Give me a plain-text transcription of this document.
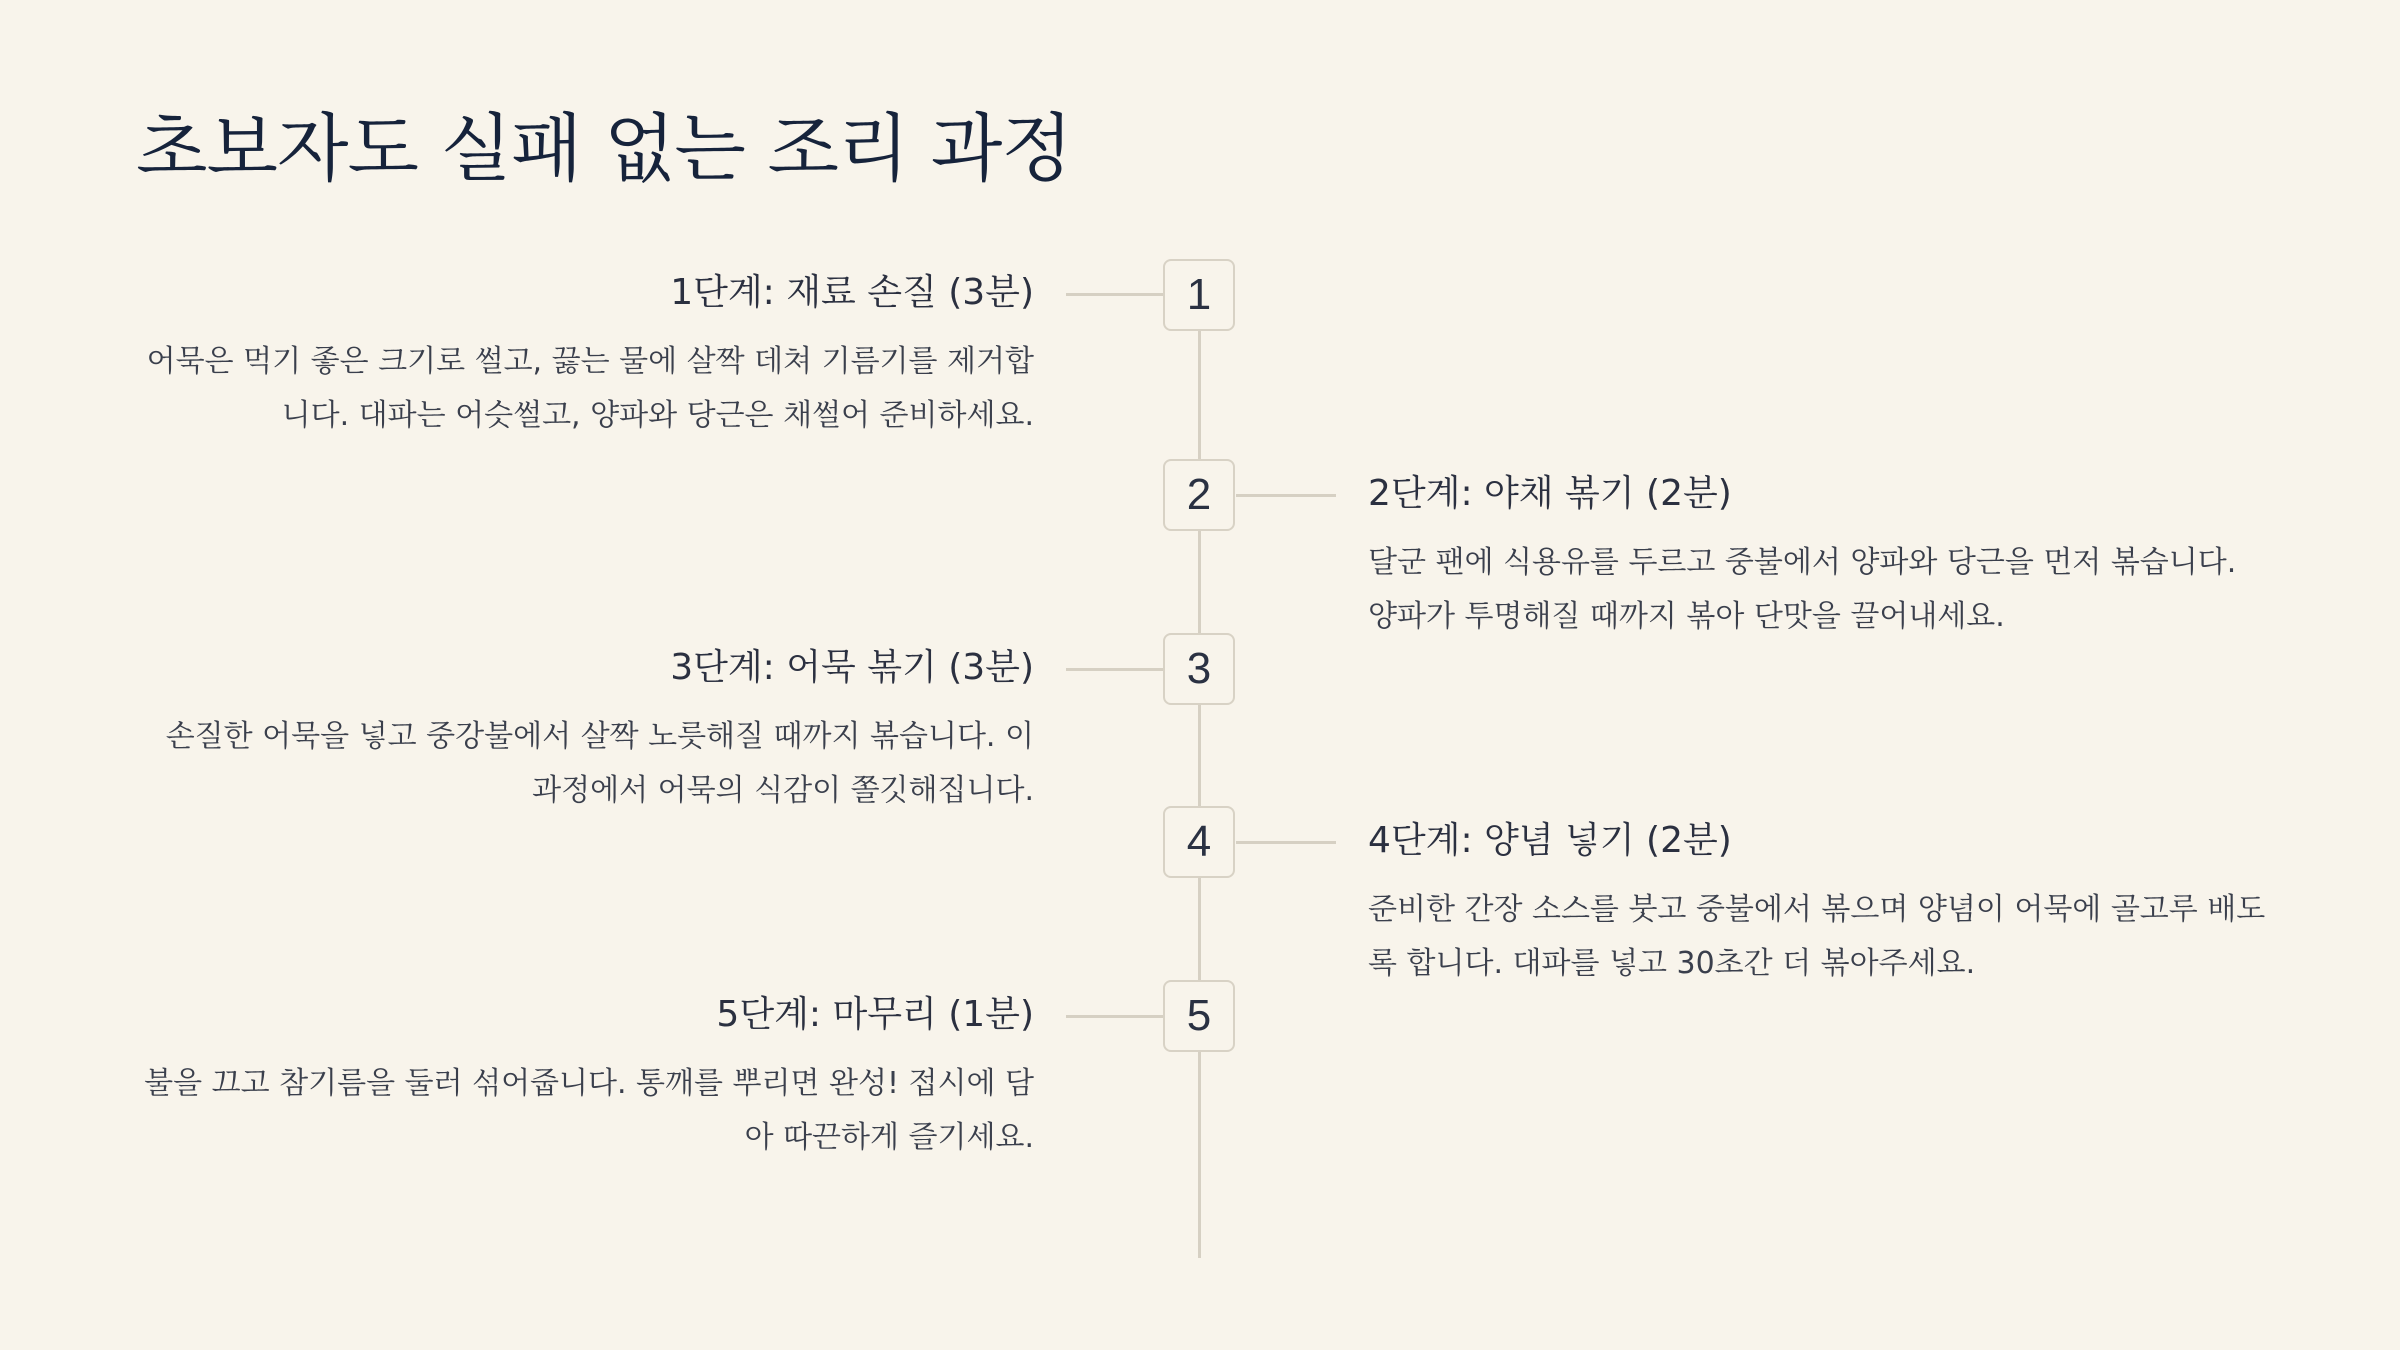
초보자도 실패 없는 조리 과정
1

1단계: 재료 손질 (3분)

어묵은 먹기 좋은 크기로 썰고, 끓는 물에 살짝 데쳐 기름기를 제거합니다. 대파는 어슷썰고, 양파와 당근은 채썰어 준비하세요.

2	2단계: 야채 볶기 (2분)

달군 팬에 식용유를 두르고 중불에서 양파와 당근을 먼저 볶습니다. 양파가 투명해질 때까지 볶아 단맛을 끌어내세요.

3

3단계: 어묵 볶기 (3분)

손질한 어묵을 넣고 중강불에서 살짝 노릇해질 때까지 볶습니다. 이 과정에서 어묵의 식감이 쫄깃해집니다.

4	4단계: 양념 넣기 (2분)

준비한 간장 소스를 붓고 중불에서 볶으며 양념이 어묵에 골고루 배도록 합니다. 대파를 넣고 30초간 더 볶아주세요.

5

5단계: 마무리 (1분)

불을 끄고 참기름을 둘러 섞어줍니다. 통깨를 뿌리면 완성! 접시에 담아 따끈하게 즐기세요.
